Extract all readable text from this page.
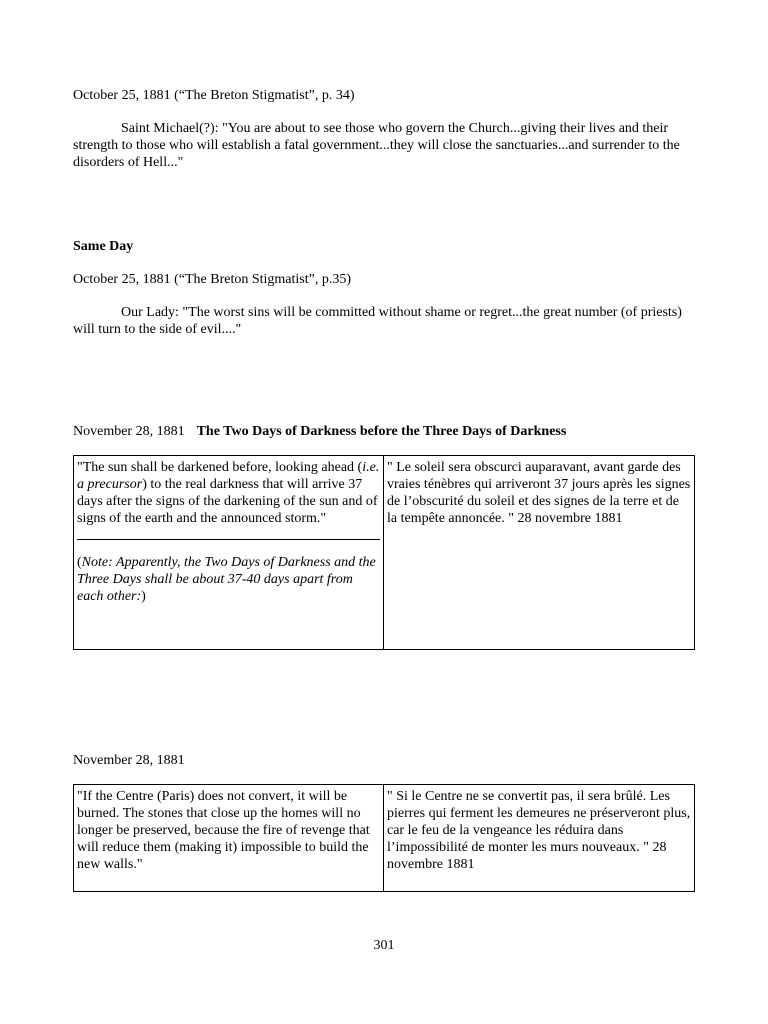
October 25, 1881 (“The Breton Stigmatist”, p. 34)
Saint Michael(?): "You are about to see those who govern the Church...giving their lives and their strength to those who will establish a fatal government...they will close the sanctuaries...and surrender to the disorders of Hell..."
Same Day
October 25, 1881 (“The Breton Stigmatist”, p.35)
Our Lady: "The worst sins will be committed without shame or regret...the great number (of priests) will turn to the side of evil...."
November 28, 1881 The Two Days of Darkness before the Three Days of Darkness
"The sun shall be darkened before, looking ahead (i.e. a precursor) to the real darkness that will arrive 37 days after the signs of the darkening of the sun and of signs of the earth and the announced storm."
(Note: Apparently, the Two Days of Darkness and the Three Days shall be about 37-40 days apart from each other:)	" Le soleil sera obscurci auparavant, avant garde des vraies ténèbres qui arriveront 37 jours après les signes de l’obscurité du soleil et des signes de la terre et de la tempête annoncée. " 28 novembre 1881
November 28, 1881
"If the Centre (Paris) does not convert, it will be burned. The stones that close up the homes will no longer be preserved, because the fire of revenge that will reduce them (making it) impossible to build the new walls."	" Si le Centre ne se convertit pas, il sera brûlé. Les pierres qui ferment les demeures ne préserveront plus, car le feu de la vengeance les réduira dans l’impossibilité de monter les murs nouveaux. " 28 novembre 1881
301
